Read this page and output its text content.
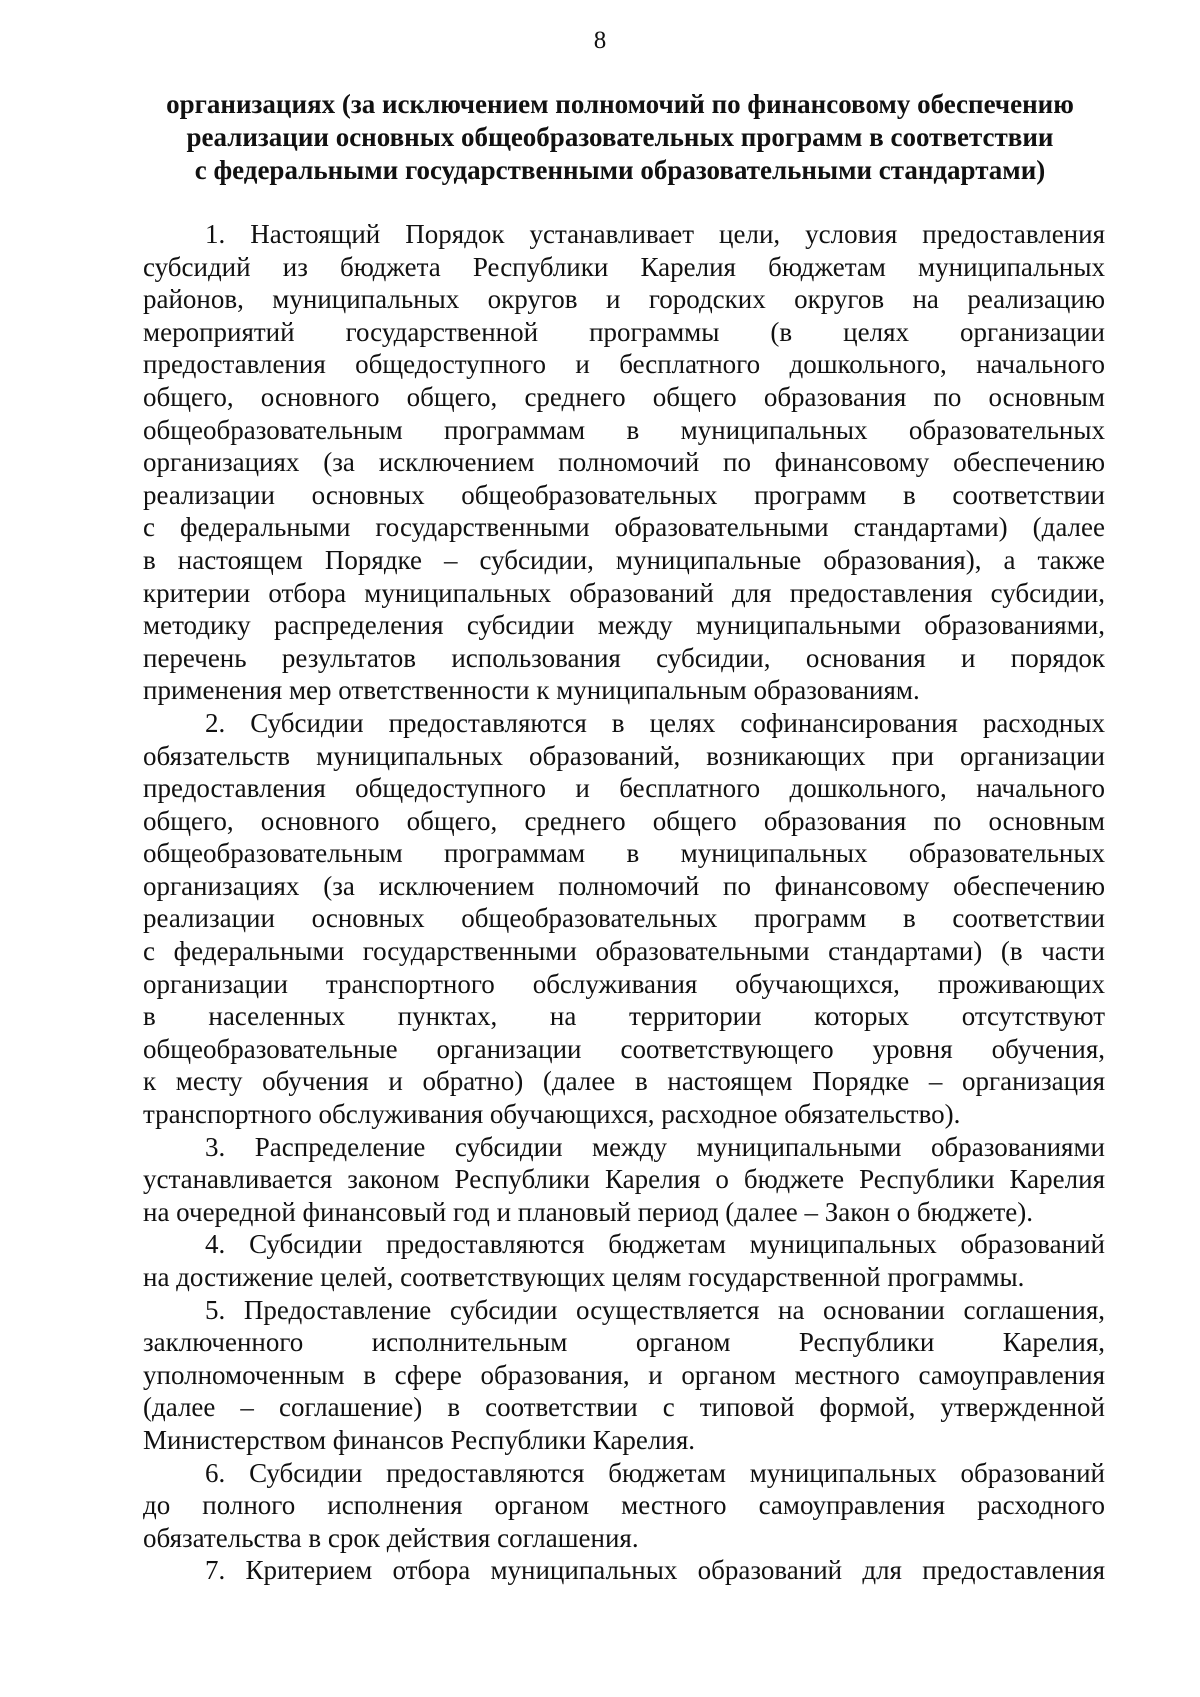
8
организациях (за исключением полномочий по финансовому обеспечению
реализации основных общеобразовательных программ в соответствии
с федеральными государственными образовательными стандартами)
1. Настоящий Порядок устанавливает цели, условия предоставления
субсидий из бюджета Республики Карелия бюджетам муниципальных
районов, муниципальных округов и городских округов на реализацию
мероприятий государственной программы (в целях организации
предоставления общедоступного и бесплатного дошкольного, начального
общего, основного общего, среднего общего образования по основным
общеобразовательным программам в муниципальных образовательных
организациях (за исключением полномочий по финансовому обеспечению
реализации основных общеобразовательных программ в соответствии
с федеральными государственными образовательными стандартами) (далее
в настоящем Порядке – субсидии, муниципальные образования), а также
критерии отбора муниципальных образований для предоставления субсидии,
методику распределения субсидии между муниципальными образованиями,
перечень результатов использования субсидии, основания и порядок
применения мер ответственности к муниципальным образованиям.
2. Субсидии предоставляются в целях софинансирования расходных
обязательств муниципальных образований, возникающих при организации
предоставления общедоступного и бесплатного дошкольного, начального
общего, основного общего, среднего общего образования по основным
общеобразовательным программам в муниципальных образовательных
организациях (за исключением полномочий по финансовому обеспечению
реализации основных общеобразовательных программ в соответствии
с федеральными государственными образовательными стандартами) (в части
организации транспортного обслуживания обучающихся, проживающих
в населенных пунктах, на территории которых отсутствуют
общеобразовательные организации соответствующего уровня обучения,
к месту обучения и обратно) (далее в настоящем Порядке – организация
транспортного обслуживания обучающихся, расходное обязательство).
3. Распределение субсидии между муниципальными образованиями
устанавливается законом Республики Карелия о бюджете Республики Карелия
на очередной финансовый год и плановый период (далее – Закон о бюджете).
4. Субсидии предоставляются бюджетам муниципальных образований
на достижение целей, соответствующих целям государственной программы.
5. Предоставление субсидии осуществляется на основании соглашения,
заключенного исполнительным органом Республики Карелия,
уполномоченным в сфере образования, и органом местного самоуправления
(далее – соглашение) в соответствии с типовой формой, утвержденной
Министерством финансов Республики Карелия.
6. Субсидии предоставляются бюджетам муниципальных образований
до полного исполнения органом местного самоуправления расходного
обязательства в срок действия соглашения.
7. Критерием отбора муниципальных образований для предоставления
